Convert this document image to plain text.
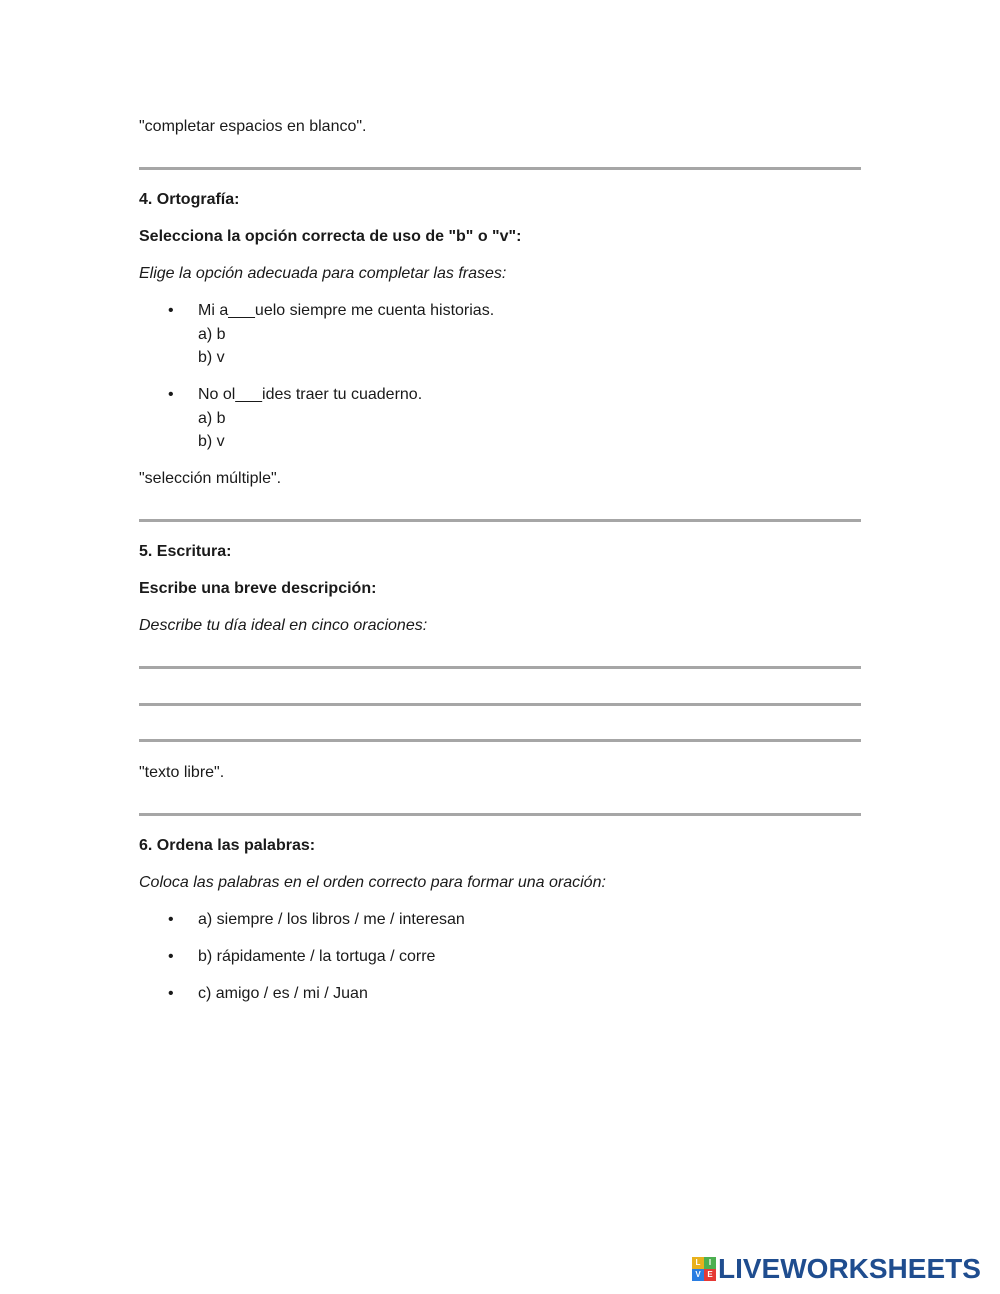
"completar espacios en blanco".
4. Ortografía:
Selecciona la opción correcta de uso de "b" o "v":
Elige la opción adecuada para completar las frases:
• Mi a___uelo siempre me cuenta historias.
a) b
b) v
• No ol___ides traer tu cuaderno.
a) b
b) v
"selección múltiple".
5. Escritura:
Escribe una breve descripción:
Describe tu día ideal en cinco oraciones:
"texto libre".
6. Ordena las palabras:
Coloca las palabras en el orden correcto para formar una oración:
• a) siempre / los libros / me / interesan
• b) rápidamente / la tortuga / corre
• c) amigo / es / mi / Juan
L	I
V E LIVEWORKSHEETS
